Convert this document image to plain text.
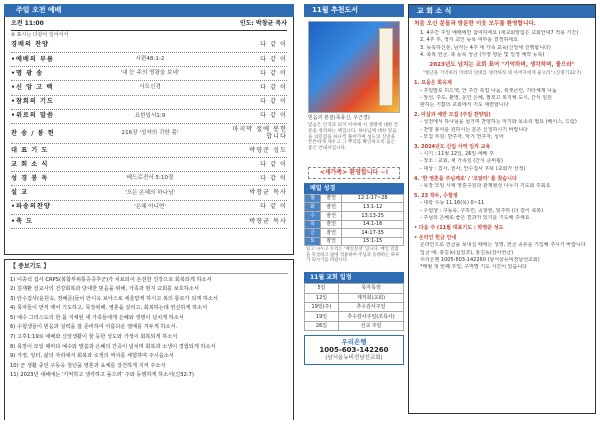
주일 오전 예배
오전 11:00	인도: 박창균 목사
※ 표시는 다같이 일어서서
경배의 찬양	다 같 이
•예배의 부름	시편48:1-2	다 같 이
•명 광 송	'내 눈 주의 영광을 보네'	다 같 이
•신 앙 고 백	사도신경	다 같 이
•참회의 기도	다 같 이
•위로의 말씀	요한일서1:9	다 같 이
찬 송 / 봉 헌	216장 '성자의 귀한 몸'
마지막 절에 봉헌합니다
대 표 기 도	박영준 성도
교 회 소 식	다 같 이
성 경 봉 독	베드로전서 5:10절	다 같 이
설 교	'오든 은혜의 하나님'	박창균 목사
•파송의찬양	'은혜 아니면'	다 같 이
•축 도	박창균 목사
【 중보기도 】
1) 이종석 집사 CRPS(복합부위통증증후군)가 치료되어 온전한 건강으로 회복되게 하소서
2) 김재환 선교사의 건강회복과 당대한 믿음을 위해, 가족과 현지 교회를 보호하소서
3) 안수집사(윤원숙, 정해준)들이 안디옥 보아스로 세울받게 하시고 복의 통로가 되게 하소서
4) 목자들이 먼저 깨어 기도하고, 목장위해, 영혼을 살리고, 회복하는데 헌신하게 하소서
5) 예수 그리스도의 한 몸 지체된 새 가족들에게 은혜와 생명이 넘치게 하소서
6) 수험생들이 믿음과 실력을 잘 준비하여 아름다운 열매를 거두게 하소서.
7) 고후1:19로 예배와 신앙생활이 꿈 등한 성도와 가정이 회복되게 하소서
8) 목장이 모일 때마다 예수와 말씀과 은혜의 간증이 넘치며 회복과 소생이 경험되게 하소서
9) 가정, 일터, 삶의 자리에서 회복과 소생의 역사를 체험하며 주시옵소서
10) 군 생활 중인 구동욱 청년을 영혼과 육체를 강건하게 지켜 주소서
11) 2023년 새해에는 '기억하고 생각하고 돌으려' 주와 동행하게 하소서(신32:7)
11월 추천도서
믿음의 본질(폭풍신, 우근경)
믿음은 인격과 의지 이야에 서 생명에 대한 간문을 정리하는 책입니다. 하나님께 대한 믿음을 의문점을 하나씩 풀어가며 성도의 신앙을 튼튼하게 세우고 그 뿌리를 확인하도록 돕는 좋은 안내서입니다.
<새가족> 환영합니다 ~!
매일 성경
월	잠언	12:1-17~28
화	잠언	13:1-12
수	잠언	13:13-25
목	잠언	14:1-16
금	잠언	14:17-35
토	잠언	15:1-15
읽고 나누고 누리는 '매일성경' 입니다. 매일 말씀을 묵상하고 삶에 적용하여 주님과 동행하는 하루가 되시기를 바랍니다.
11월 교회 일정
5일	목자목장
12일	제직회(교회)
19일(주)	추수감사주일
19일	추수감사주일(조목사)
26일	선교 주일
우리은행
1005-603-142260
(남서울뉴비전남선교회)
교 회 소 식
처음 오신 분들과 방문한 이웃 모두를 환영합니다.
1. 4주간 주일 예배에만 참여하세요 (새교회알림은 교회안내7 적용 기간)
2. 4주 후, 정식 교인 등록 여부를 결정하세요
3. 등록하신분, 남자는 4주 새 가족 교육(신앙세 진행합니다)
4. 축복 헌금, 축 등록 성금 (가정 방문 및 일정 예약 등록)
2023년도 넘치는 교회 표어 "기억하며, 생각하며, 물으라"
"옛날을 기억하라 역대의 연대를 생각하라 네 아버지에게 물으라" (신명기32:7)
1. 요을은 화옥제
- 주일말로 히드엣, 안 주간 복업 나눔, 복셋큰런, 기타체계 나눔
- 앞선, 주도, 환영, 운인 은혜, 필모고 복지체 도시, 간식 임원
완하는 기쁨의 교회에서 기도 세련합니다
2. 아삽과 예반 모집 (주일 찬양팀)
- 성전에서 하나님을 섬기며 찬양하는 악기와 목소리 필요 (베이스, 드럼)
- 찬양 봉사를 원하시는 분은 신청하시기 바랍니다
- 모집 부원: 반주자, 악기 연주자, 싱어
3. 2024년도 신입 사역 임직 교육
- 시기 : 11월 12일, 26일 예배 후
- 장소 : 교회, 새 가족실 (간식 준비됨)
- 대상 : 집사, 권사, 안수집사 후보 (교회가 선정)
4. '한 영혼을 주님께로' / '코알라' 를 찾습니다
- 목장 모임 시에 영혼구원과 관계형성 나누기 기도회 주최요
5. 23 작두, 수험생
- 대학 수능 11.16(목) 0~11
- 수험생 : 구동욱, 구하린, 공창현, 임주하 (다 같이 축복)
- 주님의 은혜로 좋은 결과가 있기를 기도해 주세요
• 다음 주 (11월 대표기도 : 박영준 성도
• 온라인 헌금 안내
온라인으로 헌금을 보내실 때에는 성명, 헌금 종류를 기입해 주시기 바랍니다
입금 예: 홍길동(십일조), 홍길동(감사헌금)
우리은행 1005-603-142260 (남서울뉴비전남선교회)
*매월 첫 번째 주일, 구역별 기도 시간이 있습니다
